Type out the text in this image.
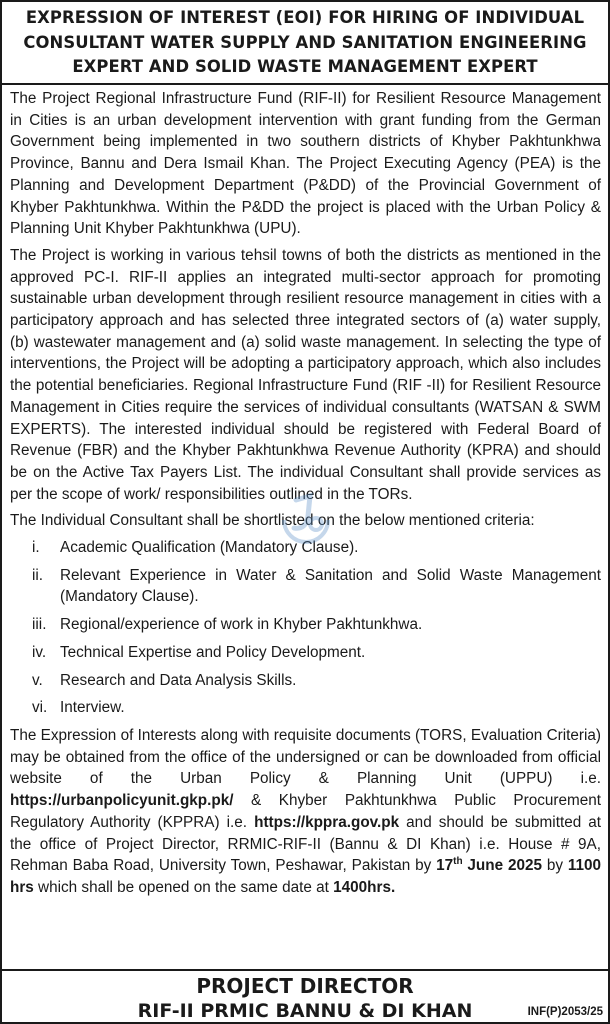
EXPRESSION OF INTEREST (EOI) FOR HIRING OF INDIVIDUAL
CONSULTANT WATER SUPPLY AND SANITATION ENGINEERING
EXPERT AND SOLID WASTE MANAGEMENT EXPERT

The Project Regional Infrastructure Fund (RIF-II) for Resilient Resource Management in Cities is an urban development intervention with grant funding from the German Government being implemented in two southern districts of Khyber Pakhtunkhwa Province, Bannu and Dera Ismail Khan. The Project Executing Agency (PEA) is the Planning and Development Department (P&DD) of the Provincial Government of Khyber Pakhtunkhwa. Within the P&DD the project is placed with the Urban Policy & Planning Unit Khyber Pakhtunkhwa (UPU).

The Project is working in various tehsil towns of both the districts as mentioned in the approved PC-I. RIF-II applies an integrated multi-sector approach for promoting sustainable urban development through resilient resource management in cities with a participatory approach and has selected three integrated sectors of (a) water supply, (b) wastewater management and (a) solid waste management. In selecting the type of interventions, the Project will be adopting a participatory approach, which also includes the potential beneficiaries. Regional Infrastructure Fund (RIF -II) for Resilient Resource Management in Cities require the services of individual consultants (WATSAN & SWM EXPERTS). The interested individual should be registered with Federal Board of Revenue (FBR) and the Khyber Pakhtunkhwa Revenue Authority (KPRA) and should be on the Active Tax Payers List. The individual Consultant shall provide services as per the scope of work/ responsibilities outlined in the TORs.

The Individual Consultant shall be shortlisted on the below mentioned criteria:

i.	Academic Qualification (Mandatory Clause).
ii.	Relevant Experience in Water & Sanitation and Solid Waste Management (Mandatory Clause).
iii. Regional/experience of work in Khyber Pakhtunkhwa.
iv. Technical Expertise and Policy Development.
v.	Research and Data Analysis Skills.
vi. Interview.

The Expression of Interests along with requisite documents (TORS, Evaluation Criteria) may be obtained from the office of the undersigned or can be downloaded from official website of the Urban Policy & Planning Unit (UPPU) i.e. https://urbanpolicyunit.gkp.pk/ & Khyber Pakhtunkhwa Public Procurement Regulatory Authority (KPPRA) i.e. https://kppra.gov.pk and should be submitted at the office of Project Director, RRMIC-RIF-II (Bannu & DI Khan) i.e. House # 9A, Rehman Baba Road, University Town, Peshawar, Pakistan by 17th June 2025 by 1100 hrs which shall be opened on the same date at 1400hrs.

PROJECT DIRECTOR
RIF-II PRMIC BANNU & DI KHAN	INF(P)2053/25
